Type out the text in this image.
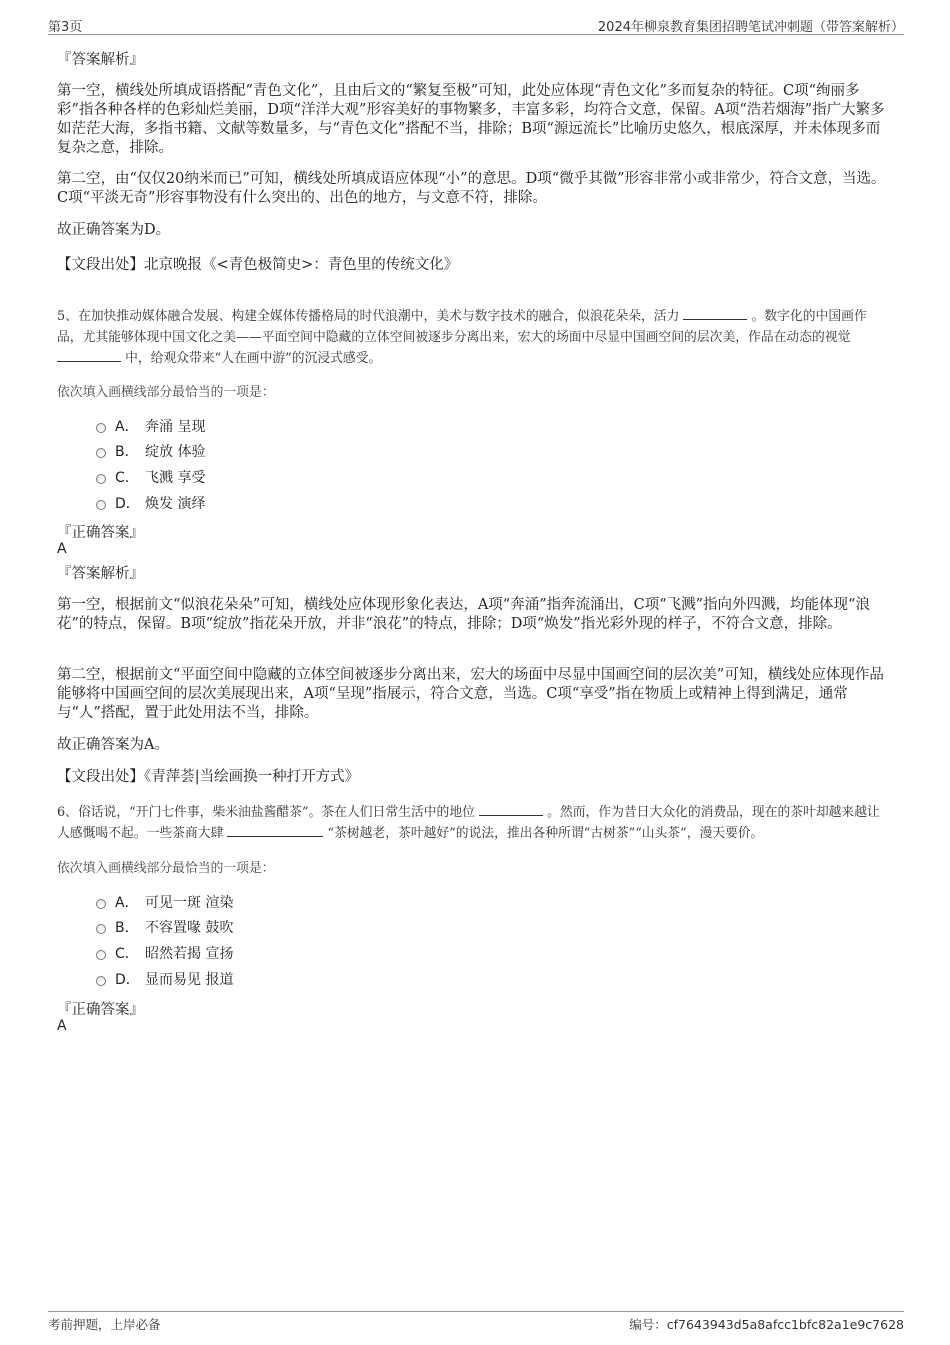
第3页	2024年柳泉教育集团招聘笔试冲刺题（带答案解析）
『答案解析』
第一空，横线处所填成语搭配“青色文化”，且由后文的“繁复至极”可知，此处应体现“青色文化”多而复杂的特征。C项“绚丽多彩”指各种各样的色彩灿烂美丽，D项“洋洋大观”形容美好的事物繁多，丰富多彩，均符合文意，保留。A项“浩若烟海”指广大繁多如茫茫大海，多指书籍、文献等数量多，与“青色文化”搭配不当，排除；B项“源远流长”比喻历史悠久，根底深厚，并未体现多而复杂之意，排除。
第二空，由“仅仅20纳米而已”可知，横线处所填成语应体现“小”的意思。D项“微乎其微”形容非常小或非常少，符合文意，当选。C项“平淡无奇”形容事物没有什么突出的、出色的地方，与文意不符，排除。
故正确答案为D。
【文段出处】北京晚报《<青色极简史>：青色里的传统文化》
5、在加快推动媒体融合发展、构建全媒体传播格局的时代浪潮中，美术与数字技术的融合，似浪花朵朵，活力	。数字化的中国画作品，尤其能够体现中国文化之美——平面空间中隐藏的立体空间被逐步分离出来，宏大的场面中尽显中国画空间的层次美，作品在动态的视觉  中，给观众带来“人在画中游”的沉浸式感受。
依次填入画横线部分最恰当的一项是：
A． 奔涌 呈现
B． 绽放 体验
C． 飞溅 享受
D． 焕发 演绎
『正确答案』
A
『答案解析』
第一空，根据前文“似浪花朵朵”可知，横线处应体现形象化表达，A项“奔涌”指奔流涌出，C项“飞溅”指向外四溅，均能体现“浪花”的特点，保留。B项“绽放”指花朵开放，并非“浪花”的特点，排除；D项“焕发”指光彩外现的样子，不符合文意，排除。
第二空，根据前文“平面空间中隐藏的立体空间被逐步分离出来，宏大的场面中尽显中国画空间的层次美”可知，横线处应体现作品能够将中国画空间的层次美展现出来，A项“呈现”指展示，符合文意，当选。C项“享受”指在物质上或精神上得到满足，通常与“人”搭配，置于此处用法不当，排除。
故正确答案为A。
【文段出处】《青萍荟|当绘画换一种打开方式》
6、俗话说，“开门七件事，柴米油盐酱醋茶”。茶在人们日常生活中的地位	。然而，作为昔日大众化的消费品，现在的茶叶却越来越让人感慨喝不起。一些茶商大肆	“茶树越老，茶叶越好”的说法，推出各种所谓“古树茶”“山头茶”，漫天要价。
依次填入画横线部分最恰当的一项是：
A． 可见一斑 渲染
B． 不容置喙 鼓吹
C． 昭然若揭 宣扬
D． 显而易见 报道
『正确答案』
A
考前押题，上岸必备	编号：cf7643943d5a8afcc1bfc82a1e9c7628
